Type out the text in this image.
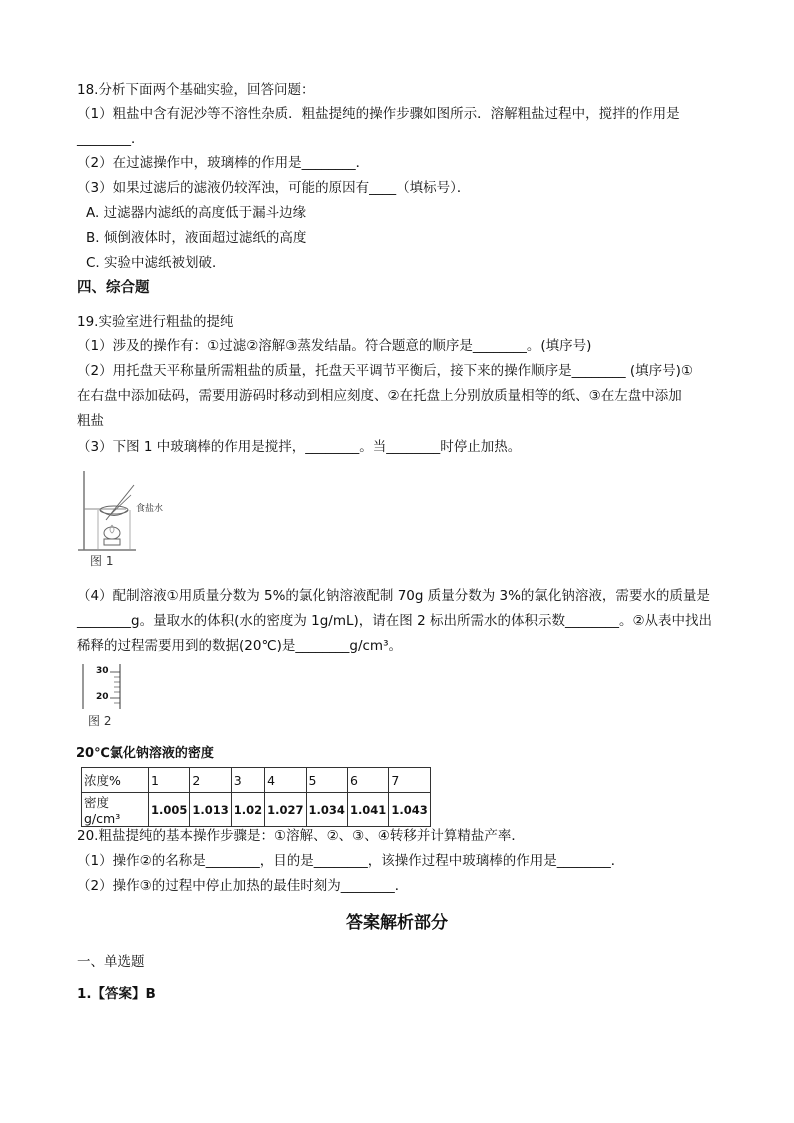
18.分析下面两个基础实验，回答问题：
（1）粗盐中含有泥沙等不溶性杂质．粗盐提纯的操作步骤如图所示．溶解粗盐过程中，搅拌的作用是
________．
（2）在过滤操作中，玻璃棒的作用是________．
（3）如果过滤后的滤液仍较浑浊，可能的原因有____（填标号）．
A. 过滤器内滤纸的高度低于漏斗边缘
B. 倾倒液体时，液面超过滤纸的高度
C. 实验中滤纸被划破．
四、综合题
19.实验室进行粗盐的提纯
（1）涉及的操作有：①过滤②溶解③蒸发结晶。符合题意的顺序是________。(填序号)
（2）用托盘天平称量所需粗盐的质量，托盘天平调节平衡后，接下来的操作顺序是________ (填序号)①
在右盘中添加砝码，需要用游码时移动到相应刻度、②在托盘上分别放质量相等的纸、③在左盘中添加
粗盐
（3）下图 1 中玻璃棒的作用是搅拌，________。当________时停止加热。
食盐水
图 1
（4）配制溶液①用质量分数为 5%的氯化钠溶液配制 70g 质量分数为 3%的氯化钠溶液，需要水的质量是
________g。量取水的体积(水的密度为 1g/mL)，请在图 2 标出所需水的体积示数________。②从表中找出
稀释的过程需要用到的数据(20℃)是________g/cm³。
30
20
图 2
20℃氯化钠溶液的密度
浓度%	1	2	3	4	5	6	7
密度 g/cm³	1.005	1.013	1.02	1.027	1.034	1.041	1.043
20.粗盐提纯的基本操作步骤是：①溶解、②、③、④转移并计算精盐产率．
（1）操作②的名称是________，目的是________，该操作过程中玻璃棒的作用是________．
（2）操作③的过程中停止加热的最佳时刻为________．
答案解析部分
一、单选题
1.【答案】B
